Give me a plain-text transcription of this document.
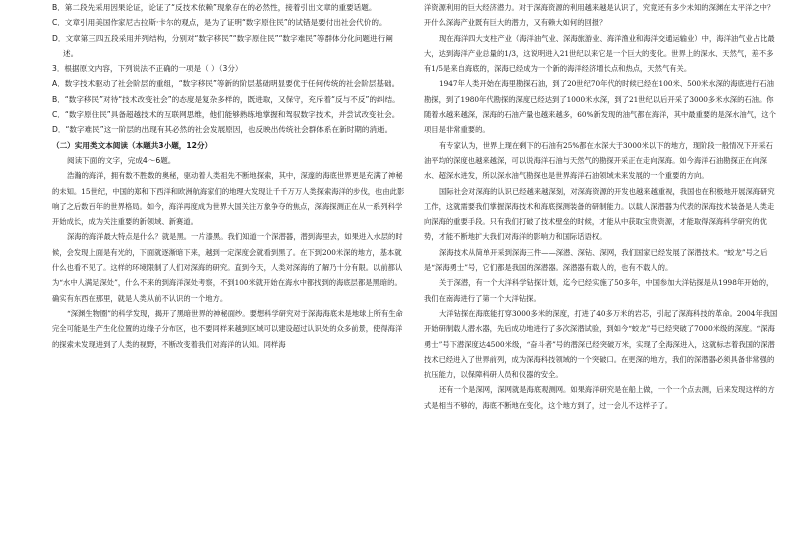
B．第二段先采用因果论证，论证了“反技术依赖”现象存在的必然性，接着引出文章的重要话题。

C．文章引用美国作家尼古拉斯·卡尔的观点，是为了证明“数字原住民”的试错是要付出社会代价的。

D．文章第三四五段采用并列结构，分别对“数字移民”“数字原住民”“数字难民”等群体分化问题进行阐述。

3．根据原文内容，下列说法不正确的一项是（ ）（3分）

A．数字技术驱动了社会阶层的重组，“数字移民”等新的阶层基础明显要优于任何传统的社会阶层基础。

B．“数字移民”对待“技术改变社会”的态度是复杂多样的，既进取，又保守，充斥着“反与不反”的纠结。

C．“数字原住民”具备超越技术的互联网思维，他们能够熟练地掌握和驾驭数字技术，并尝试改变社会。

D．“数字难民”这一阶层的出现有其必然的社会发展原因，也反映出传统社会群体系在新时期的消逝。

（二）实用类文本阅读（本题共3小题，12分）

阅读下面的文字，完成4～6题。

浩瀚的海洋，拥有数不胜数的奥秘，驱动着人类祖先不断地探索，其中，深邃的海底世界更是充满了神秘的未知。15世纪，中国的郑和下西洋和欧洲航海家们的地理大发现让千千万万人类探索海洋的步伐，也由此影响了之后数百年的世界格局。如今，海洋再度成为世界大国关注万象争夺的焦点，深海探测正在从一系列科学开始成长，成为关注重要的新领域、新赛道。

深海的海洋最大特点是什么？就是黑。一片漆黑。我们知道一个深潜器，潜到海里去，如果进入水层的时候，会发现上面是有光的，下面就逐渐暗下来，越到一定深度会就看到黑了。在下到200米深的地方，基本就什么也看不见了。这样的环境限制了人们对深海的研究。直到今天，人类对深海的了解乃十分有限。以前都认为“水中人满足深处”，什么不来的到海洋深处考察，不到100米就开始在海水中都找到的海底层都是黑暗的。确实有东西在那里，就是人类从前不认识的一个地方。

“深渊生物圈”的科学发现，揭开了黑暗世界的神秘面纱。要想科学研究对于深海海底未是地球上所有生命完全可能是生产生化位置的边缘子分布区，也不要同样来越到区域可以建设超过认识处的众多前景，使得海洋的探索未发现进到了人类的视野，不断改变着我们对海洋的认知。同样海

洋资源利用的巨大经济潜力。对于深海资源的利用越来越是认识了，究竟还有多少未知的深渊在太平洋之中？开什么深海产业既有巨大的潜力，又有赖大如何的回报？

现在海洋四大支柱产业（海洋油气业、深海旅游业、海洋渔业和海洋交通运输业）中，海洋油气业占比最大，达到海洋产业总量的1/3，这说明进入21世纪以来它是一个巨大的变化。世界上的深水、天然气，差不多有1/5是来自海底的，深海已经成为一个新的海洋经济增长点和热点，天然气有关。

1947年人类开始在海里勘探石油，到了20世纪70年代的时候已经在100米、500米水深的海底进行石油勘探，到了1980年代勘探的深度已经达到了1000米水深，到了21世纪以后开采了3000多米水深的石油。你随着水越来越深，深海的石油产量也越来越多，60%新发现的油气都在海洋，其中最重要的是深水油气，这个项目是非常重要的。

有专家认为，世界上现在剩下的石油有25%都在水深大于3000米以下的地方，现阶段一般情况下开采石油平均的深度也越来越深，可以说海洋石油与天然气的勘探开采正在走向深海。如今海洋石油勘探正在向深水、超深水进发，所以深水油气勘探也是世界海洋石油领域未来发展的一个重要的方向。

国际社会对深海的认识已经越来越深刻，对深海资源的开发也越来越重视，我国也在积极地开展深海研究工作，这就需要我们掌握深海技术和海底探测装备的研制能力。以载人深潜器为代表的深海技术装备是人类走向深海的重要手段。只有我们打破了技术壁垒的时候，才能从中获取宝贵资源，才能取得深海科学研究的优势，才能不断地扩大我们对海洋的影响力和国际话语权。

深海技术从简单开采到深海三件——深潜、深钻、深网，我们国家已经发展了深潜技术。“蛟龙”号之后是“深海勇士”号，它们都是我国的深潜器。深潜器有载人的，也有不载人的。

关于深潜，有一个大洋科学钻探计划，迄今已经实施了50多年，中国参加大洋钻探是从1998年开始的，我们在南海进行了第一个大洋钻探。

大洋钻探在海底能打穿3000多米的深度，打进了40多万米的岩芯，引起了深海科技的革命。2004年我国开始研制载人潜水器，先后成功地进行了多次深潜试验，到如今“蛟龙”号已经突破了7000米级的深度。“深海勇士”号下潜深度达4500米级，“奋斗者”号的潜深已经突破万米，实现了全海深进入，这就标志着我国的深潜技术已经进入了世界前列，成为深海科技领域的一个突破口。在更深的地方，我们的深潜器必须具备非常强的抗压能力，以保障科研人员和仪器的安全。

还有一个是深网，深网就是海底观测网。如果海洋研究是在船上做，一个一个点去测，后来发现这样的方式是相当不够的，海底不断地在变化，这个地方到了，过一会儿不这样子了。
